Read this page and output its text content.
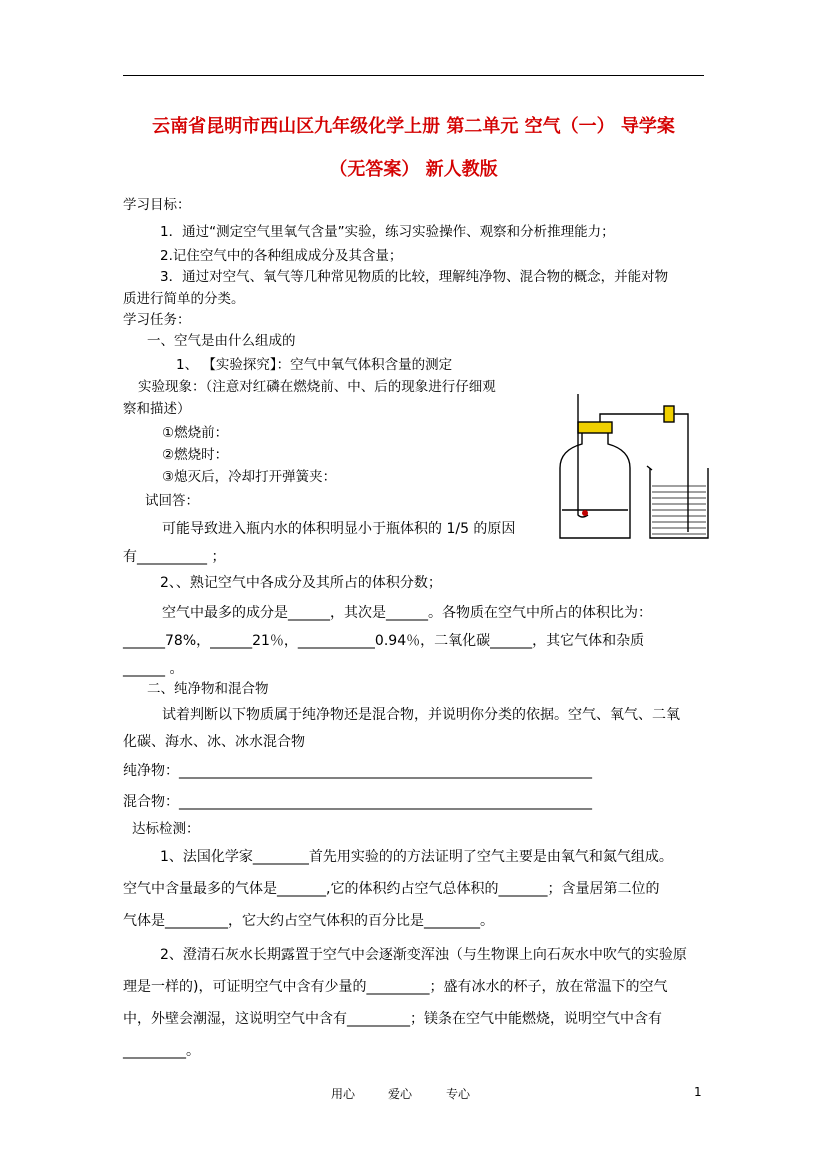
云南省昆明市西山区九年级化学上册 第二单元 空气（一） 导学案
（无答案） 新人教版
学习目标：
1．通过“测定空气里氧气含量”实验，练习实验操作、观察和分析推理能力；
2.记住空气中的各种组成成分及其含量；
3．通过对空气、氧气等几种常见物质的比较，理解纯净物、混合物的概念，并能对物
质进行简单的分类。
学习任务：
一、空气是由什么组成的
1、 【实验探究】：空气中氧气体积含量的测定
实验现象：（注意对红磷在燃烧前、中、后的现象进行仔细观
察和描述）
①燃烧前：
②燃烧时：
③熄灭后，冷却打开弹簧夹：
试回答：
可能导致进入瓶内水的体积明显小于瓶体积的 1/5 的原因
有__________ ；
2、、熟记空气中各成分及其所占的体积分数；
空气中最多的成分是______，其次是______。各物质在空气中所占的体积比为：
______78%，______21％，___________0.94％，二氧化碳______，其它气体和杂质
______ 。
二、纯净物和混合物
试着判断以下物质属于纯净物还是混合物，并说明你分类的依据。空气、氧气、二氧
化碳、海水、冰、冰水混合物
纯净物：___________________________________________________________
混合物：___________________________________________________________
达标检测：
1、法国化学家________首先用实验的的方法证明了空气主要是由氧气和氮气组成。
空气中含量最多的气体是_______,它的体积约占空气总体积的_______；含量居第二位的
气体是_________，它大约占空气体积的百分比是________。
2、澄清石灰水长期露置于空气中会逐渐变浑浊（与生物课上向石灰水中吹气的实验原
理是一样的)，可证明空气中含有少量的_________；盛有冰水的杯子，放在常温下的空气
中，外壁会潮湿，这说明空气中含有_________；镁条在空气中能燃烧，说明空气中含有
_________。
用心	爱心	专心	1
